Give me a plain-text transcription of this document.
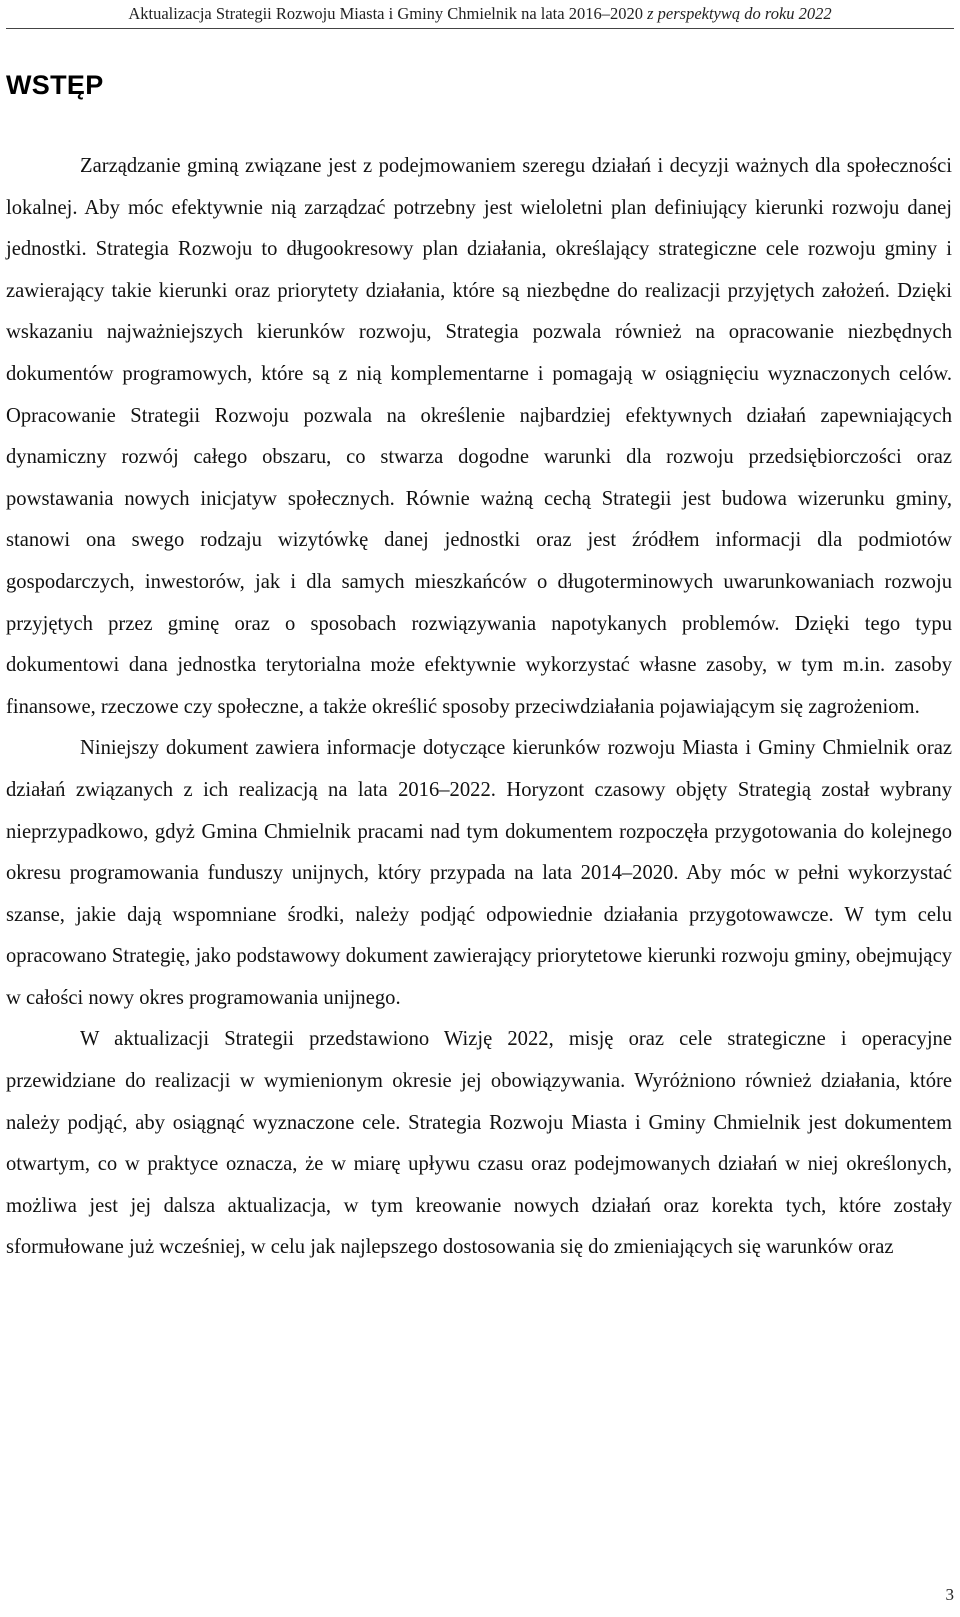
Aktualizacja Strategii Rozwoju Miasta i Gminy Chmielnik na lata 2016–2020 z perspektywą do roku 2022
WSTĘP

Zarządzanie gminą związane jest z podejmowaniem szeregu działań i decyzji ważnych dla społeczności lokalnej. Aby móc efektywnie nią zarządzać potrzebny jest wieloletni plan definiujący kierunki rozwoju danej jednostki. Strategia Rozwoju to długookresowy plan działania, określający strategiczne cele rozwoju gminy i zawierający takie kierunki oraz priorytety działania, które są niezbędne do realizacji przyjętych założeń. Dzięki wskazaniu najważniejszych kierunków rozwoju, Strategia pozwala również na opracowanie niezbędnych dokumentów programowych, które są z nią komplementarne i pomagają w osiągnięciu wyznaczonych celów. Opracowanie Strategii Rozwoju pozwala na określenie najbardziej efektywnych działań zapewniających dynamiczny rozwój całego obszaru, co stwarza dogodne warunki dla rozwoju przedsiębiorczości oraz powstawania nowych inicjatyw społecznych. Równie ważną cechą Strategii jest budowa wizerunku gminy, stanowi ona swego rodzaju wizytówkę danej jednostki oraz jest źródłem informacji dla podmiotów gospodarczych, inwestorów, jak i dla samych mieszkańców o długoterminowych uwarunkowaniach rozwoju przyjętych przez gminę oraz o sposobach rozwiązywania napotykanych problemów. Dzięki tego typu dokumentowi dana jednostka terytorialna może efektywnie wykorzystać własne zasoby, w tym m.in. zasoby finansowe, rzeczowe czy społeczne, a także określić sposoby przeciwdziałania pojawiającym się zagrożeniom.

Niniejszy dokument zawiera informacje dotyczące kierunków rozwoju Miasta i Gminy Chmielnik oraz działań związanych z ich realizacją na lata 2016–2022. Horyzont czasowy objęty Strategią został wybrany nieprzypadkowo, gdyż Gmina Chmielnik pracami nad tym dokumentem rozpoczęła przygotowania do kolejnego okresu programowania funduszy unijnych, który przypada na lata 2014–2020. Aby móc w pełni wykorzystać szanse, jakie dają wspomniane środki, należy podjąć odpowiednie działania przygotowawcze. W tym celu opracowano Strategię, jako podstawowy dokument zawierający priorytetowe kierunki rozwoju gminy, obejmujący w całości nowy okres programowania unijnego.

W aktualizacji Strategii przedstawiono Wizję 2022, misję oraz cele strategiczne i operacyjne przewidziane do realizacji w wymienionym okresie jej obowiązywania. Wyróżniono również działania, które należy podjąć, aby osiągnąć wyznaczone cele. Strategia Rozwoju Miasta i Gminy Chmielnik jest dokumentem otwartym, co w praktyce oznacza, że w miarę upływu czasu oraz podejmowanych działań w niej określonych, możliwa jest jej dalsza aktualizacja, w tym kreowanie nowych działań oraz korekta tych, które zostały sformułowane już wcześniej, w celu jak najlepszego dostosowania się do zmieniających się warunków oraz

3
